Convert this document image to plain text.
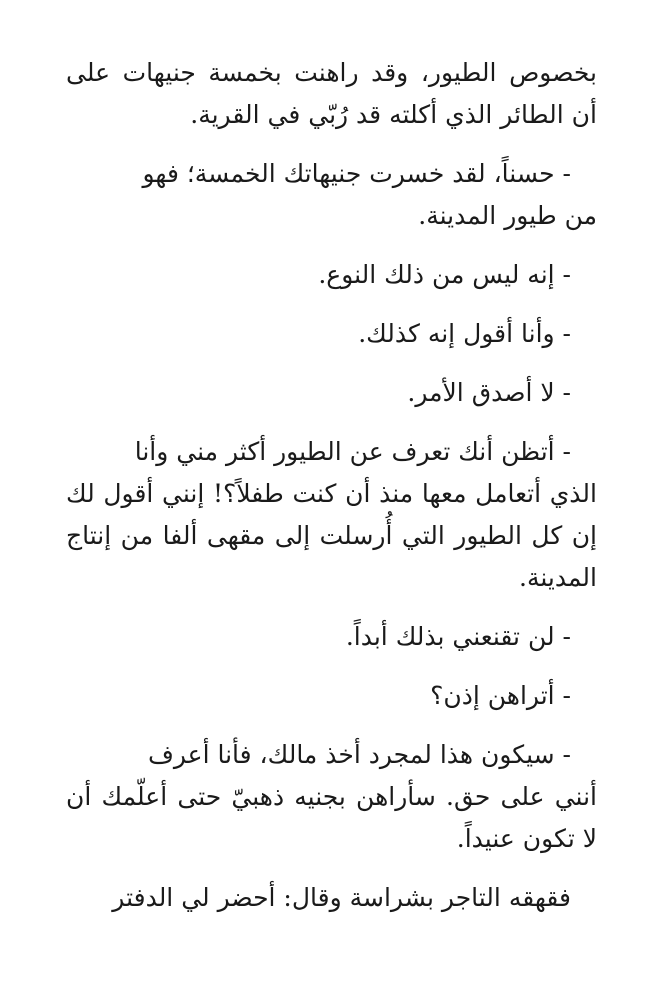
بخصوص الطيور، وقد راهنت بخمسة جنيهات على أن الطائر الذي أكلته قد رُبّي في القرية.

- حسناً، لقد خسرت جنيهاتك الخمسة؛ فهو
من طيور المدينة.

- إنه ليس من ذلك النوع.

- وأنا أقول إنه كذلك.

- لا أصدق الأمر.

- أتظن أنك تعرف عن الطيور أكثر مني وأنا
الذي أتعامل معها منذ أن كنت طفلاً؟! إنني أقول لك إن كل الطيور التي أُرسلت إلى مقهى ألفا من إنتاج المدينة.

- لن تقنعني بذلك أبداً.

- أتراهن إذن؟

- سيكون هذا لمجرد أخذ مالك، فأنا أعرف
أنني على حق. سأراهن بجنيه ذهبيّ حتى أعلّمك أن لا تكون عنيداً.

فقهقه التاجر بشراسة وقال: أحضر لي الدفتر
